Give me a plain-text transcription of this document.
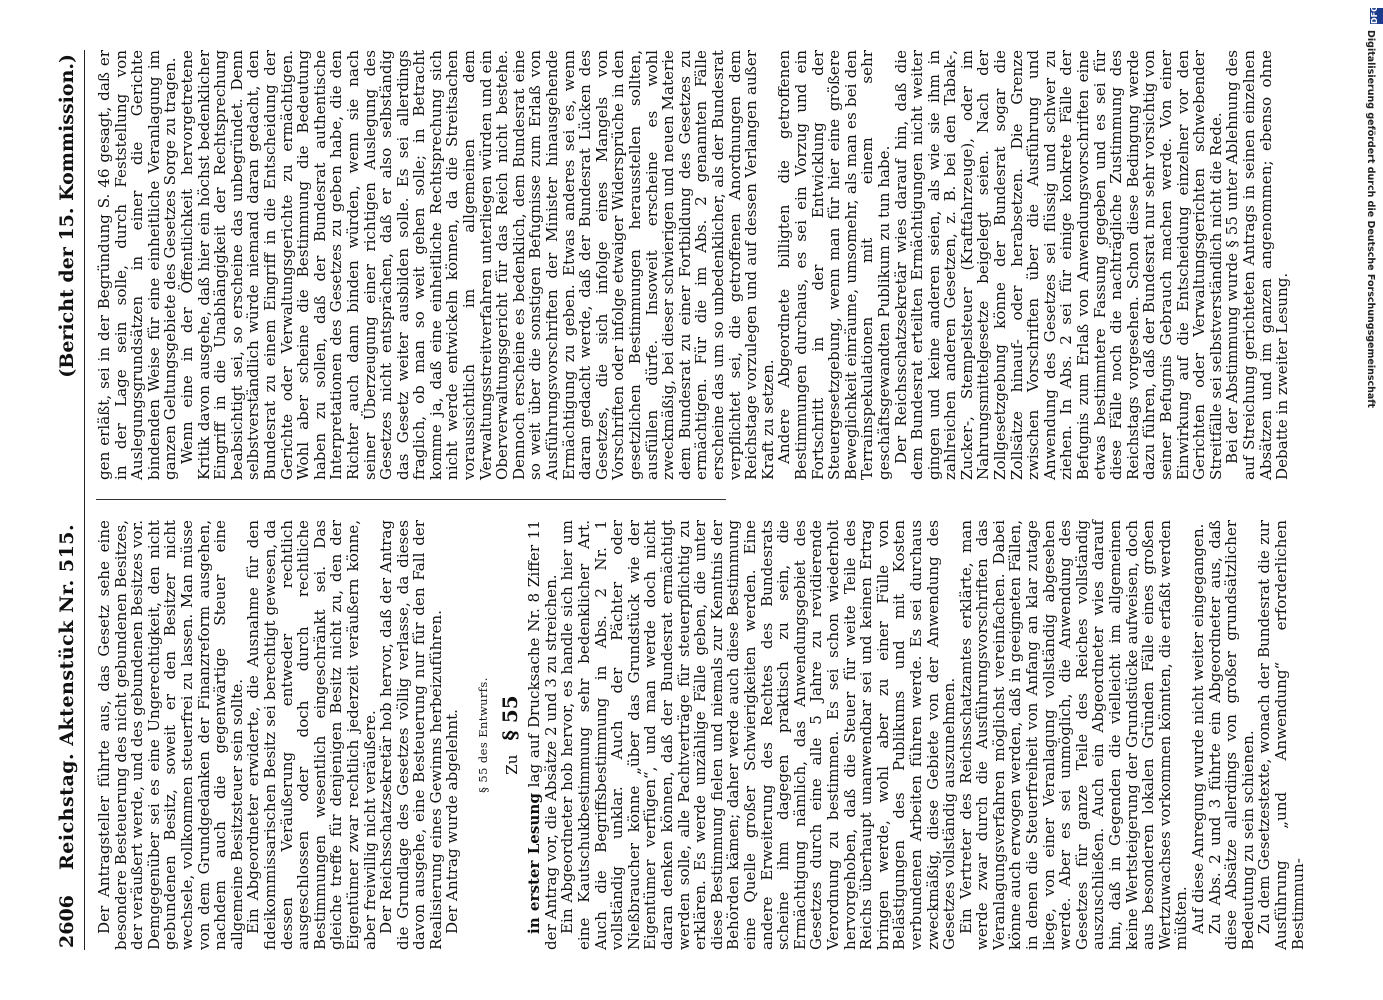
2606
Reichstag. Aktenstück Nr. 515.
(Bericht der 15. Kommission.)

Der Antragsteller führte aus, das Gesetz sehe eine besondere Besteuerung des nicht gebundenen Besitzes, der veräußert werde, und des gebundenen Besitzes vor. Demgegenüber sei es eine Ungerechtigkeit, den nicht gebundenen Besitz, soweit er den Besitzer nicht wechsele, vollkommen steuerfrei zu lassen. Man müsse von dem Grundgedanken der Finanzreform ausgehen, nachdem auch die gegenwärtige Steuer eine allgemeine Besitzsteuer sein sollte.

Ein Abgeordneter erwiderte, die Ausnahme für den fideikommissarischen Besitz sei berechtigt gewesen, da dessen Veräußerung entweder rechtlich ausgeschlossen oder doch durch rechtliche Bestimmungen wesentlich eingeschränkt sei. Das gleiche treffe für denjenigen Besitz nicht zu, den der Eigentümer zwar rechtlich jederzeit veräußern könne, aber freiwillig nicht veräußere.

Der Reichsschatzsekretär hob hervor, daß der Antrag die Grundlage des Gesetzes völlig verlasse, da dieses davon ausgehe, eine Besteuerung nur für den Fall der Realisierung eines Gewinns herbeizuführen.

Der Antrag wurde abgelehnt. § 55 des Entwurfs. Zu§ 55

in erster Lesung lag auf Drucksache Nr. 8 Ziffer 11 der Antrag vor, die Absätze 2 und 3 zu streichen.

Ein Abgeordneter hob hervor, es handle sich hier um eine Kautschukbestimmung sehr bedenklicher Art. Auch die Begriffsbestimmung in Abs. 2 Nr. 1 vollständig unklar. Auch der Pächter oder Nießbraucher könne „über das Grundstück wie der Eigentümer verfügen“, und man werde doch nicht daran denken können, daß der Bundesrat ermächtigt werden solle, alle Pachtverträge für steuerpflichtig zu erklären. Es werde unzählige Fälle geben, die unter diese Bestimmung fielen und niemals zur Kenntnis der Behörden kämen; daher werde auch diese Bestimmung eine Quelle großer Schwierigkeiten werden. Eine andere Erweiterung des Rechtes des Bundesrats scheine ihm dagegen praktisch zu sein, die Ermächtigung nämlich, das Anwendungsgebiet des Gesetzes durch eine alle 5 Jahre zu revidierende Verordnung zu bestimmen. Es sei schon wiederholt hervorgehoben, daß die Steuer für weite Teile des Reichs überhaupt unanwendbar sei und keinen Ertrag bringen werde, wohl aber zu einer Fülle von Belästigungen des Publikums und mit Kosten verbundenen Arbeiten führen werde. Es sei durchaus zweckmäßig, diese Gebiete von der Anwendung des Gesetzes vollständig auszunehmen.

Ein Vertreter des Reichsschatzamtes erklärte, man werde zwar durch die Ausführungsvorschriften das Veranlagungsverfahren möglichst vereinfachen. Dabei könne auch erwogen werden, daß in geeigneten Fällen, in denen die Steuerfreiheit von Anfang an klar zutage liege, von einer Veranlagung vollständig abgesehen werde. Aber es sei unmöglich, die Anwendung des Gesetzes für ganze Teile des Reiches vollständig auszuschließen. Auch ein Abgeordneter wies darauf hin, daß in Gegenden die vielleicht im allgemeinen keine Wertsteigerung der Grundstücke aufweisen, doch aus besonderen lokalen Gründen Fälle eines großen Wertzuwachses vorkommen könnten, die erfaßt werden müßten.

Auf diese Anregung wurde nicht weiter eingegangen.

Zu Abs. 2 und 3 führte ein Abgeordneter aus, daß diese Absätze allerdings von großer grundsätzlicher Bedeutung zu sein schienen.

Zu dem Gesetzestexte, wonach der Bundesrat die zur Ausführung „und Anwendung“ erforderlichen Bestimmun-

gen erläßt, sei in der Begründung S. 46 gesagt, daß er in der Lage sein solle, durch Feststellung von Auslegungsgrundsätzen in einer die Gerichte bindenden Weise für eine einheitliche Veranlagung im ganzen Geltungsgebiete des Gesetzes Sorge zu tragen.

Wenn eine in der Öffentlichkeit hervorgetretene Kritik davon ausgehe, daß hier ein höchst bedenklicher Eingriff in die Unabhängigkeit der Rechtsprechung beabsichtigt sei, so erscheine das unbegründet. Denn selbstverständlich würde niemand daran gedacht, den Bundesrat zu einem Eingriff in die Entscheidung der Gerichte oder Verwaltungsgerichte zu ermächtigen. Wohl aber scheine die Bestimmung die Bedeutung haben zu sollen, daß der Bundesrat authentische Interpretationen des Gesetzes zu geben habe, die den Richter auch dann binden würden, wenn sie nach seiner Überzeugung einer richtigen Auslegung des Gesetzes nicht entsprächen, daß er also selbständig das Gesetz weiter ausbilden solle. Es sei allerdings fraglich, ob man so weit gehen solle; in Betracht komme ja, daß eine einheitliche Rechtsprechung sich nicht werde entwickeln können, da die Streitsachen voraussichtlich im allgemeinen dem Verwaltungsstreitverfahren unterliegen würden und ein Oberverwaltungsgericht für das Reich nicht bestehe. Dennoch erscheine es bedenklich, dem Bundesrat eine so weit über die sonstigen Befugnisse zum Erlaß von Ausführungsvorschriften der Minister hinausgehende Ermächtigung zu geben. Etwas anderes sei es, wenn daran gedacht werde, daß der Bundesrat Lücken des Gesetzes, die sich infolge eines Mangels von Vorschriften oder infolge etwaiger Widersprüche in den gesetzlichen Bestimmungen herausstellen sollten, ausfüllen dürfe. Insoweit erscheine es wohl zweckmäßig, bei dieser schwierigen und neuen Materie dem Bundesrat zu einer Fortbildung des Gesetzes zu ermächtigen. Für die im Abs. 2 genannten Fälle erscheine das um so unbedenklicher, als der Bundesrat verpflichtet sei, die getroffenen Anordnungen dem Reichstage vorzulegen und auf dessen Verlangen außer Kraft zu setzen.

Andere Abgeordnete billigten die getroffenen Bestimmungen durchaus, es sei ein Vorzug und ein Fortschritt in der Entwicklung der Steuergesetzgebung, wenn man für hier eine größere Beweglichkeit einräume, umsomehr, als man es bei den Terrainspekulationen mit einem sehr geschäftsgewandten Publikum zu tun habe.

Der Reichsschatzsekretär wies darauf hin, daß die dem Bundesrat erteilten Ermächtigungen nicht weiter gingen und keine anderen seien, als wie sie ihm in zahlreichen anderen Gesetzen, z. B. bei den Tabak-, Zucker-, Stempelsteuer (Kraftfahrzeuge), oder im Nahrungsmittelgesetze beigelegt seien. Nach der Zollgesetzgebung könne der Bundesrat sogar die Zollsätze hinauf- oder herabsetzen. Die Grenze zwischen Vorschriften über die Ausführung und Anwendung des Gesetzes sei flüssig und schwer zu ziehen. In Abs. 2 sei für einige konkrete Fälle der Befugnis zum Erlaß von Anwendungsvorschriften eine etwas bestimmtere Fassung gegeben und es sei für diese Fälle noch die nachträgliche Zustimmung des Reichstags vorgesehen. Schon diese Bedingung werde dazu führen, daß der Bundesrat nur sehr vorsichtig von seiner Befugnis Gebrauch machen werde. Von einer Einwirkung auf die Entscheidung einzelner vor den Gerichten oder Verwaltungsgerichten schwebender Streitfälle sei selbstverständlich nicht die Rede.

Bei der Abstimmung wurde § 55 unter Ablehnung des auf Streichung gerichteten Antrags in seinen einzelnen Absätzen und im ganzen angenommen; ebenso ohne Debatte in zweiter Lesung.

DFG
Digitalisierung gefördert durch die Deutsche Forschungsgemeinschaft
